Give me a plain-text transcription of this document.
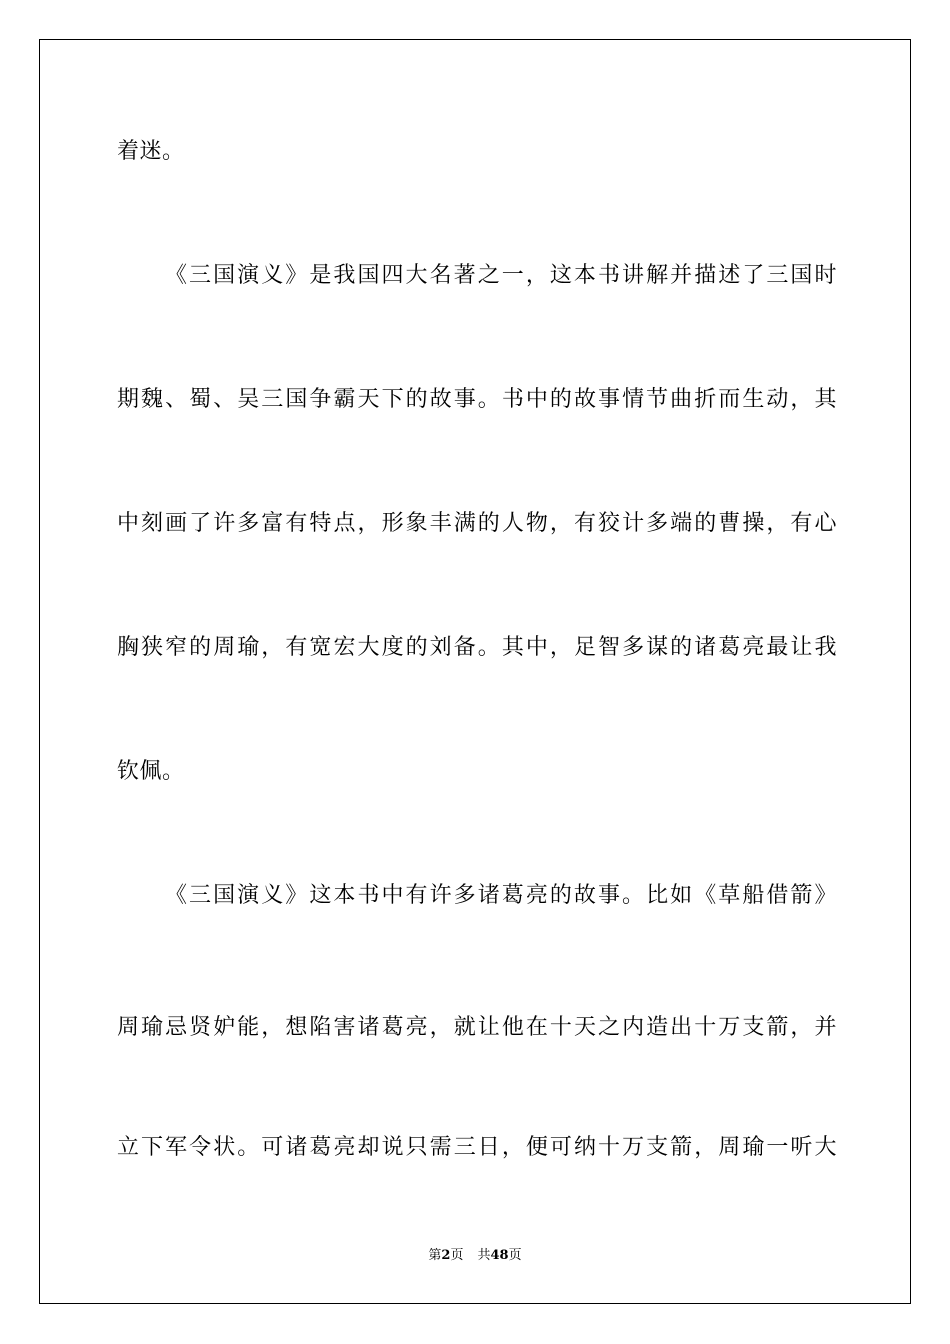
着迷。
《三国演义》是我国四大名著之一，这本书讲解并描述了三国时
期魏、蜀、吴三国争霸天下的故事。书中的故事情节曲折而生动，其
中刻画了许多富有特点，形象丰满的人物，有狡计多端的曹操，有心
胸狭窄的周瑜，有宽宏大度的刘备。其中，足智多谋的诸葛亮最让我
钦佩。
《三国演义》这本书中有许多诸葛亮的故事。比如《草船借箭》
周瑜忌贤妒能，想陷害诸葛亮，就让他在十天之内造出十万支箭，并
立下军令状。可诸葛亮却说只需三日，便可纳十万支箭，周瑜一听大
第2页 共48页
